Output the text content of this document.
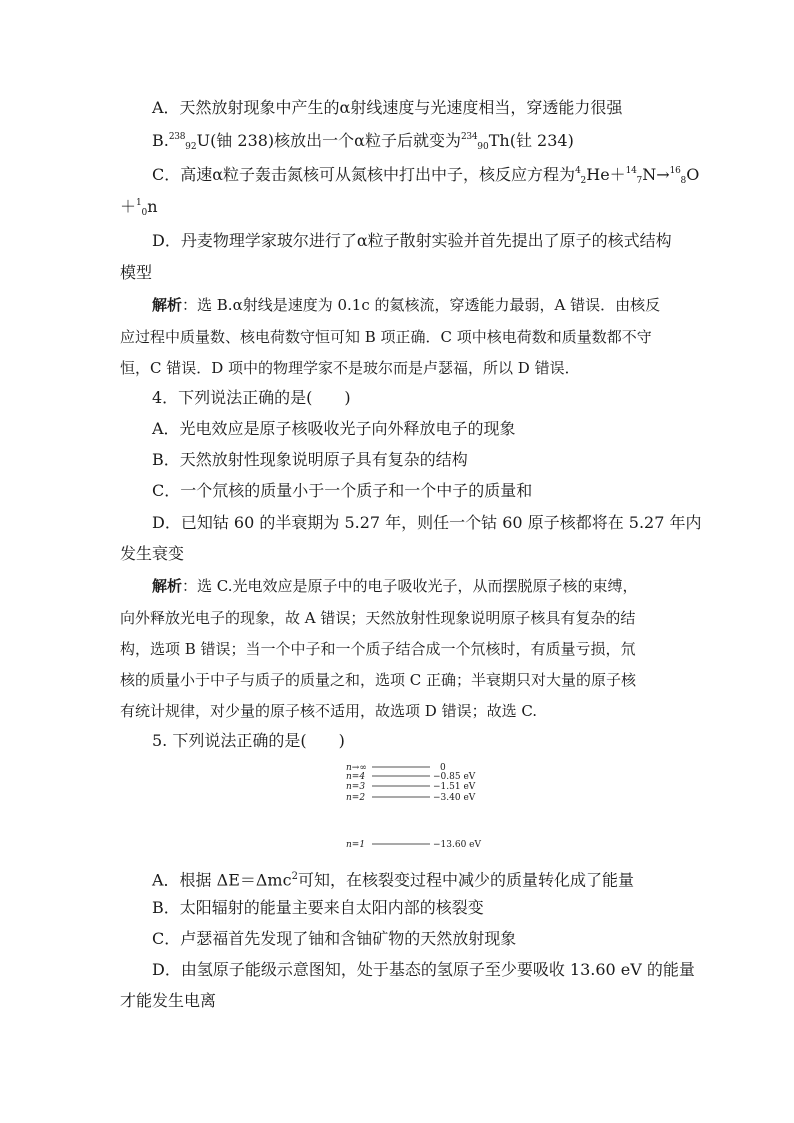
A．天然放射现象中产生的α射线速度与光速度相当，穿透能力很强
B.$^{238}_{92}$U(铀 238)核放出一个α粒子后就变为$^{234}_{90}$Th(钍 234)
C．高速α粒子轰击氮核可从氮核中打出中子，核反应方程为$^4_2$He＋$^{14}_7$N→$^{16}_8$O
＋$^1_0$n
D．丹麦物理学家玻尔进行了α粒子散射实验并首先提出了原子的核式结构
模型
解析：选 B.α射线是速度为 0.1c 的氦核流，穿透能力最弱，A 错误．由核反
应过程中质量数、核电荷数守恒可知 B 项正确．C 项中核电荷数和质量数都不守
恒，C 错误．D 项中的物理学家不是玻尔而是卢瑟福，所以 D 错误．
4．下列说法正确的是(　　)
A．光电效应是原子核吸收光子向外释放电子的现象
B．天然放射性现象说明原子具有复杂的结构
C．一个氘核的质量小于一个质子和一个中子的质量和
D．已知钴 60 的半衰期为 5.27 年，则任一个钴 60 原子核都将在 5.27 年内
发生衰变
解析：选 C.光电效应是原子中的电子吸收光子，从而摆脱原子核的束缚，
向外释放光电子的现象，故 A 错误；天然放射性现象说明原子核具有复杂的结
构，选项 B 错误；当一个中子和一个质子结合成一个氘核时，有质量亏损，氘
核的质量小于中子与质子的质量之和，选项 C 正确；半衰期只对大量的原子核
有统计规律，对少量的原子核不适用，故选项 D 错误；故选 C.
5. 下列说法正确的是(　　)
n→∞	0
n=4	−0.85 eV
n=3	−1.51 eV
n=2	−3.40 eV
n=1	−13.60 eV
A．根据 ΔE＝Δmc$^2$可知，在核裂变过程中减少的质量转化成了能量
B．太阳辐射的能量主要来自太阳内部的核裂变
C．卢瑟福首先发现了铀和含铀矿物的天然放射现象
D．由氢原子能级示意图知，处于基态的氢原子至少要吸收 13.60 eV 的能量
才能发生电离
